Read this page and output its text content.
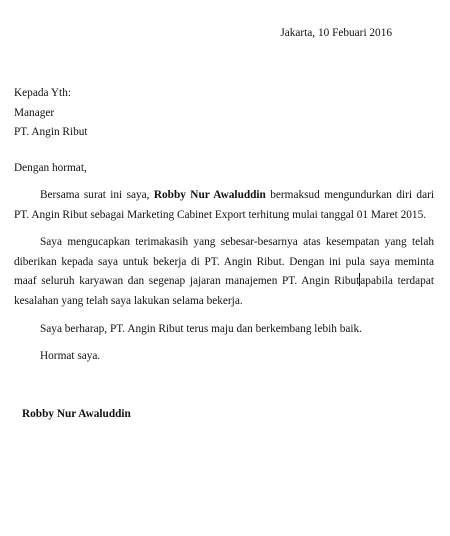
Jakarta, 10 Febuari 2016
Kepada Yth:
Manager
PT. Angin Ribut
Dengan hormat,

Bersama surat ini saya, Robby Nur Awaluddin bermaksud mengundurkan diri dari PT. Angin Ribut sebagai Marketing Cabinet Export terhitung mulai tanggal 01 Maret 2015.

Saya mengucapkan terimakasih yang sebesar-besarnya atas kesempatan yang telah diberikan kepada saya untuk bekerja di PT. Angin Ribut. Dengan ini pula saya meminta maaf seluruh karyawan dan segenap jajaran manajemen PT. Angin Ributapabila terdapat kesalahan yang telah saya lakukan selama bekerja.

Saya berharap, PT. Angin Ribut terus maju dan berkembang lebih baik.

Hormat saya.

Robby Nur Awaluddin
